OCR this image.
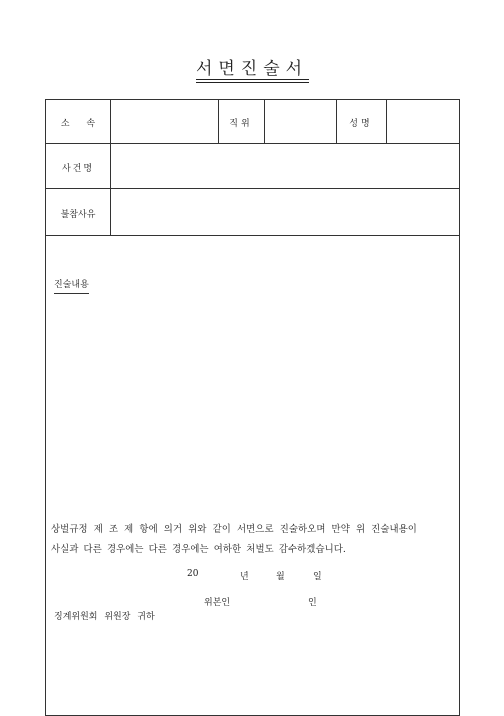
서면진술서
소 속	직위	성명
사건명
불참사유
진술내용
상벌규정 제 조 제 항에 의거 위와 같이 서면으로 진술하오며 만약 위 진술내용이
사실과 다른 경우에는 다른 경우에는 여하한 처벌도 감수하겠습니다.
20	년	월	일
위본인	인
징계위원회 위원장 귀하
